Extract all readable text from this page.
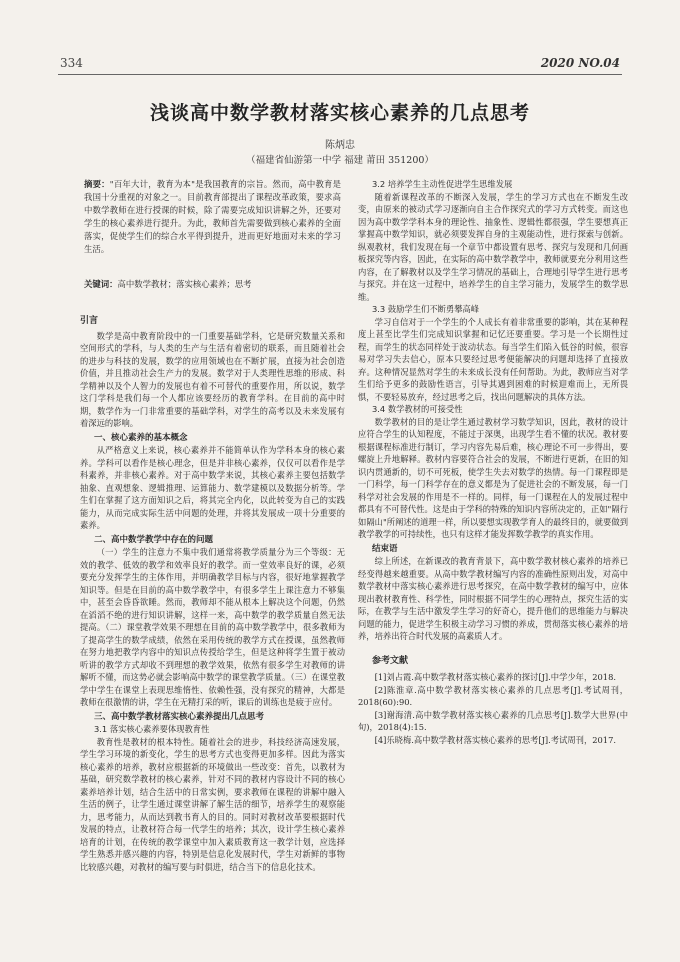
334	2020 NO.04
浅谈高中数学教材落实核心素养的几点思考
陈炳忠
（福建省仙游第一中学 福建 莆田 351200）
摘要："百年大计，教育为本"是我国教育的宗旨。然而，高中教育是我国十分重视的对象之一。目前教育部提出了课程改革政策，要求高中数学教师在进行授课的时候，除了需要完成知识讲解之外，还要对学生的核心素养进行提升。为此，教师首先需要做到核心素养的全面落实，促使学生们的综合水平得到提升，进而更好地面对未来的学习生活。
关键词：高中数学教材；落实核心素养；思考
引言

数学是高中教育阶段中的一门重要基础学科，它是研究数量关系和空间形式的学科，与人类的生产与生活有着密切的联系，而且随着社会的进步与科技的发展，数学的应用领域也在不断扩展，直接为社会创造价值，并且推动社会生产力的发展。数学对于人类理性思维的形成、科学精神以及个人智力的发展也有着不可替代的重要作用，所以说，数学这门学科是我们每一个人都应该要经历的教育学科。在目前的高中时期，数学作为一门非常重要的基础学科，对学生的高考以及未来发展有着深远的影响。

一、核心素养的基本概念

从严格意义上来说，核心素养并不能简单认作为学科本身的核心素养。学科可以看作是核心理念，但是并非核心素养，仅仅可以看作是学科素养，并非核心素养。对于高中数学来说，其核心素养主要包括数学抽象、直观想象、逻辑推理、运算能力、数学建模以及数据分析等。学生们在掌握了这方面知识之后，将其完全内化，以此转变为自己的实践能力，从而完成实际生活中问题的处理，并将其发展成一项十分重要的素养。

二、高中数学教学中存在的问题

（一）学生的注意力不集中我们通常将教学质量分为三个等级：无效的教学、低效的教学和效率良好的教学。而一堂效率良好的课，必须要充分发挥学生的主体作用，并明确教学目标与内容，很好地掌握教学知识等。但是在目前的高中数学教学中，有很多学生上课注意力不够集中，甚至会昏昏欲睡。然而，教师却不能从根本上解决这个问题，仍然在滔滔不绝的进行知识讲解，这样一来，高中数学的教学质量自然无法提高。（二）课堂教学效果不理想在目前的高中数学教学中，很多教师为了提高学生的数学成绩，依然在采用传统的教学方式在授课，虽然教师在努力地把教学内容中的知识点传授给学生，但是这种将学生置于被动听讲的教学方式却收不到理想的教学效果，依然有很多学生对教师的讲解听不懂，而这势必就会影响高中数学的课堂教学质量。（三）在课堂教学中学生在课堂上表现思维惰性、依赖性强，没有探究的精神，大都是教师在很激情的讲，学生在无精打采的听，课后的训练也是疲于应付。

三、高中数学教材落实核心素养提出几点思考
3.1 落实核心素养要体现教育性

教育性是教材的根本特性。随着社会的进步，科技经济高速发展，学生学习环境的新变化，学生的思考方式也变得更加多样。因此为落实核心素养的培养，教材应根据新的环境做出一些改变：首先，以教材为基础，研究数学教材的核心素养，针对不同的教材内容设计不同的核心素养培养计划，结合生活中的日常实例，要求教师在课程的讲解中融入生活的例子，让学生通过课堂讲解了解生活的细节，培养学生的观察能力，思考能力，从而达到教书育人的目的。同时对教材改革要根据时代发展的特点，让教材符合每一代学生的培养；其次，设计学生核心素养培育的计划，在传统的教学课堂中加入素质教育这一教学计划，应选择学生熟悉并感兴趣的内容，特别是信息化发展时代，学生对新鲜的事物比较感兴趣，对教材的编写要与时俱进，结合当下的信息化技术。

3.2 培养学生主动性促进学生思维发展

随着新课程改革的不断深入发展，学生的学习方式也在不断发生改变，由原来的被动式学习逐渐向自主合作探究式的学习方式转变。而这也因为高中数学学科本身的理论性、抽象性、逻辑性都很强，学生要想真正掌握高中数学知识，就必须要发挥自身的主观能动性，进行探索与创新。纵观教材，我们发现在每一个章节中都设置有思考、探究与发现和几何画板探究等内容，因此，在实际的高中数学教学中，教师就要充分利用这些内容，在了解教材以及学生学习情况的基础上，合理地引导学生进行思考与探究。并在这一过程中，培养学生的自主学习能力，发展学生的数学思维。

3.3 鼓励学生们不断勇攀高峰

学习自信对于一个学生的个人成长有着非常重要的影响，其在某种程度上甚至比学生们完成知识掌握和记忆还要重要。学习是一个长期性过程，而学生的状态同样处于波动状态。每当学生们陷入低谷的时候，很容易对学习失去信心，原本只要经过思考便能解决的问题却选择了直接放弃。这种情况显然对学生的未来成长没有任何帮助。为此，教师应当对学生们给予更多的鼓励性语言，引导其遇到困难的时候迎难而上，无所畏惧，不要轻易放弃，经过思考之后，找出问题解决的具体方法。

3.4 数学教材的可接受性

数学教材的目的是让学生通过教材学习数学知识，因此，教材的设计应符合学生的认知程度，不能过于深奥，出现学生看不懂的状况。教材要根据课程标准进行制订，学习内容先易后难，核心理论不可一步得出，要螺旋上升地解释。教材内容要符合社会的发展，不断进行更新，在旧的知识内贯通新的，切不可死板，使学生失去对数学的热情。每一门课程即是一门科学，每一门科学存在的意义都是为了促进社会的不断发展，每一门科学对社会发展的作用是不一样的。同样，每一门课程在人的发展过程中都具有不可替代性。这是由于学科的特殊的知识内容所决定的，正如"隔行如隔山"所阐述的道理一样，所以要想实现教学育人的最终目的，就要做到教学教学的可持续性，也只有这样才能发挥数学教学的真实作用。

结束语

综上所述，在新课改的教育背景下，高中数学教材核心素养的培养已经变得越来越重要。从高中数学教材编写内容的准确性原则出发，对高中数学教材中落实核心素养进行思考探究，在高中数学教材的编写中，应体现出教材教育性、科学性，同时根据不同学生的心理特点，探究生活的实际，在教学与生活中激发学生学习的好奇心，提升他们的思维能力与解决问题的能力，促进学生积极主动学习习惯的养成，贯彻落实核心素养的培养，培养出符合时代发展的高素质人才。

参考文献

[1]刘占霞.高中数学教材落实核心素养的探讨[J].中学少年，2018.

[2]陈淮章.高中数学教材落实核心素养的几点思考[J].考试周刊，2018(60):90.

[3]谢海清.高中数学教材落实核心素养的几点思考[J].数学大世界(中旬)，2018(4):15.

[4]乐晓梅.高中数学教材落实核心素养的思考[J].考试周刊，2017.
